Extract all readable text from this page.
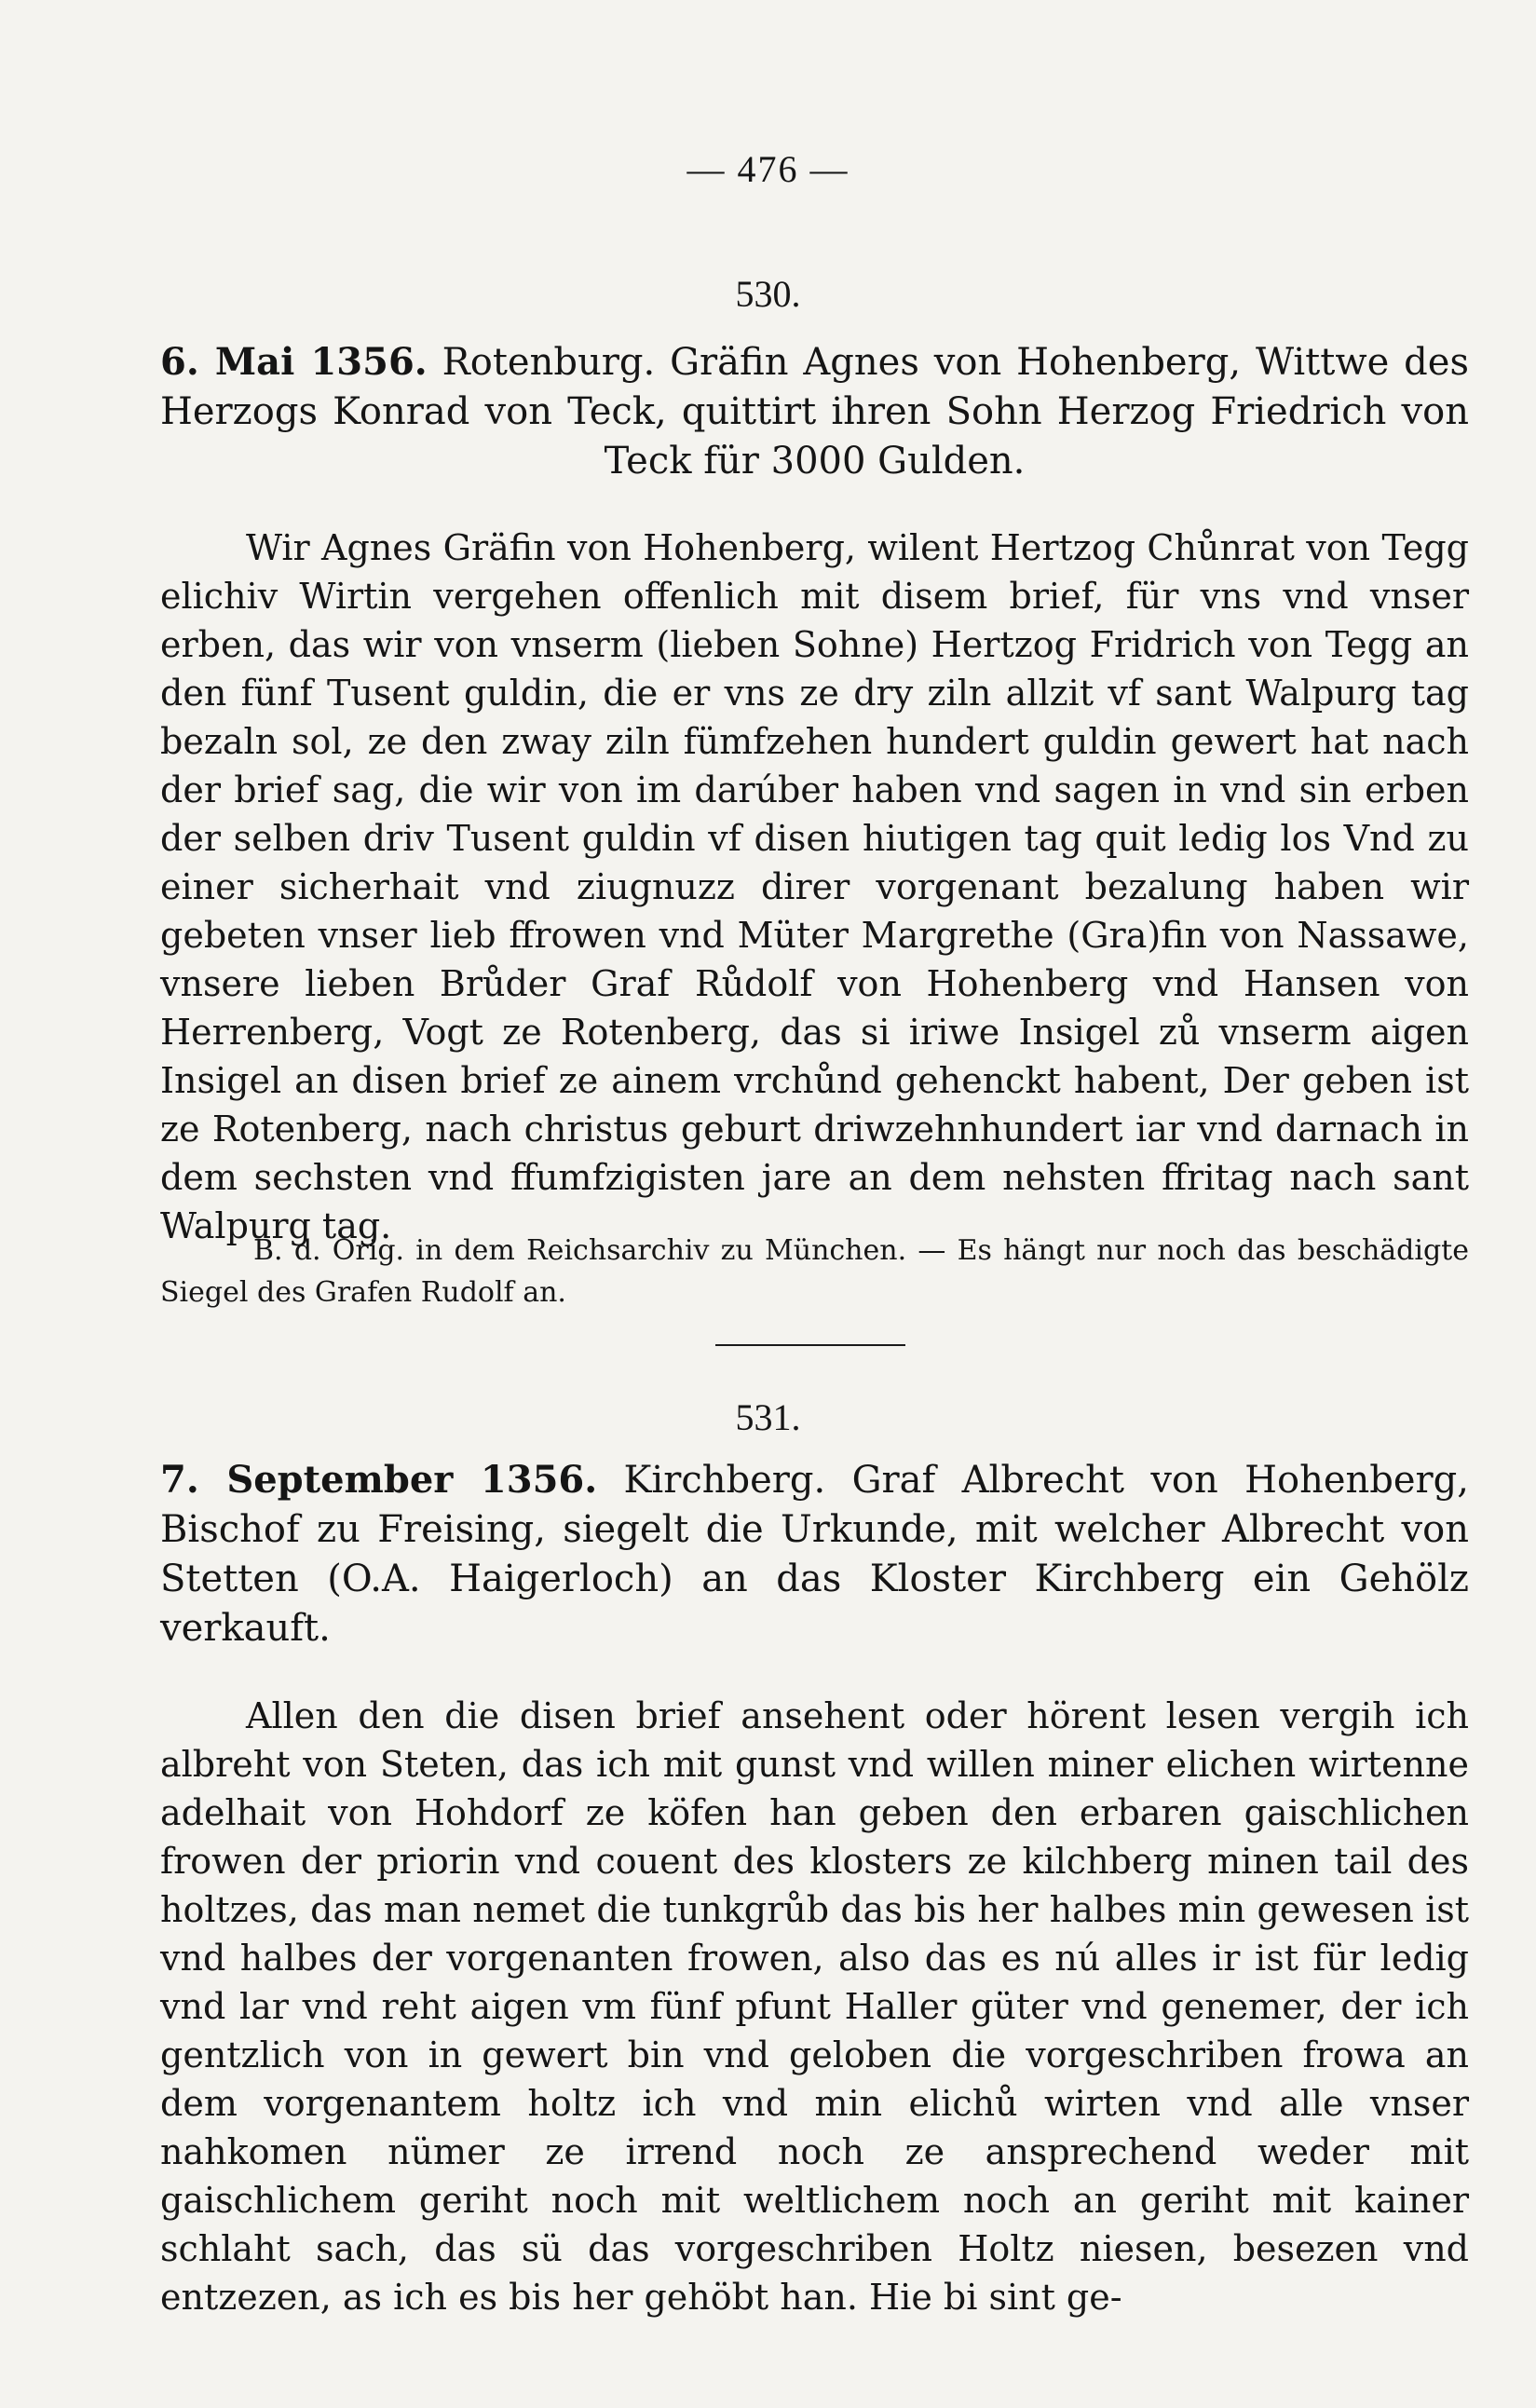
— 476 —
530.
6. Mai 1356. Rotenburg. Gräfin Agnes von Hohenberg, Wittwe des Herzogs Konrad von Teck, quittirt ihren Sohn Herzog Friedrich von Teck für 3000 Gulden.
Wir Agnes Gräfin von Hohenberg, wilent Hertzog Chůnrat von Tegg elichiv Wirtin vergehen offenlich mit disem brief, für vns vnd vnser erben, das wir von vnserm (lieben Sohne) Hertzog Fridrich von Tegg an den fünf Tusent guldin, die er vns ze dry ziln allzit vf sant Walpurg tag bezaln sol, ze den zway ziln fümfzehen hundert guldin gewert hat nach der brief sag, die wir von im darúber haben vnd sagen in vnd sin erben der selben driv Tusent guldin vf disen hiutigen tag quit ledig los Vnd zu einer sicherhait vnd ziugnuzz direr vorgenant bezalung haben wir gebeten vnser lieb ffrowen vnd Müter Margrethe (Gra)fin von Nassawe, vnsere lieben Brůder Graf Růdolf von Hohenberg vnd Hansen von Herrenberg, Vogt ze Rotenberg, das si iriwe Insigel zů vnserm aigen Insigel an disen brief ze ainem vrchůnd gehenckt habent, Der geben ist ze Rotenberg, nach christus geburt driwzehnhundert iar vnd darnach in dem sechsten vnd ffumfzigisten jare an dem nehsten ffritag nach sant Walpurg tag.
B. d. Orig. in dem Reichsarchiv zu München. — Es hängt nur noch das beschädigte Siegel des Grafen Rudolf an.
531.
7. September 1356. Kirchberg. Graf Albrecht von Hohenberg, Bischof zu Freising, siegelt die Urkunde, mit welcher Albrecht von Stetten (O.A. Haigerloch) an das Kloster Kirchberg ein Gehölz verkauft.
Allen den die disen brief ansehent oder hörent lesen vergih ich albreht von Steten, das ich mit gunst vnd willen miner elichen wirtenne adelhait von Hohdorf ze köfen han geben den erbaren gaischlichen frowen der priorin vnd couent des klosters ze kilchberg minen tail des holtzes, das man nemet die tunkgrůb das bis her halbes min gewesen ist vnd halbes der vorgenanten frowen, also das es nú alles ir ist für ledig vnd lar vnd reht aigen vm fünf pfunt Haller güter vnd genemer, der ich gentzlich von in gewert bin vnd geloben die vorgeschriben frowa an dem vorgenantem holtz ich vnd min elichů wirten vnd alle vnser nahkomen nümer ze irrend noch ze ansprechend weder mit gaischlichem geriht noch mit weltlichem noch an geriht mit kainer schlaht sach, das sü das vorgeschriben Holtz niesen, besezen vnd entzezen, as ich es bis her gehöbt han. Hie bi sint ge-
